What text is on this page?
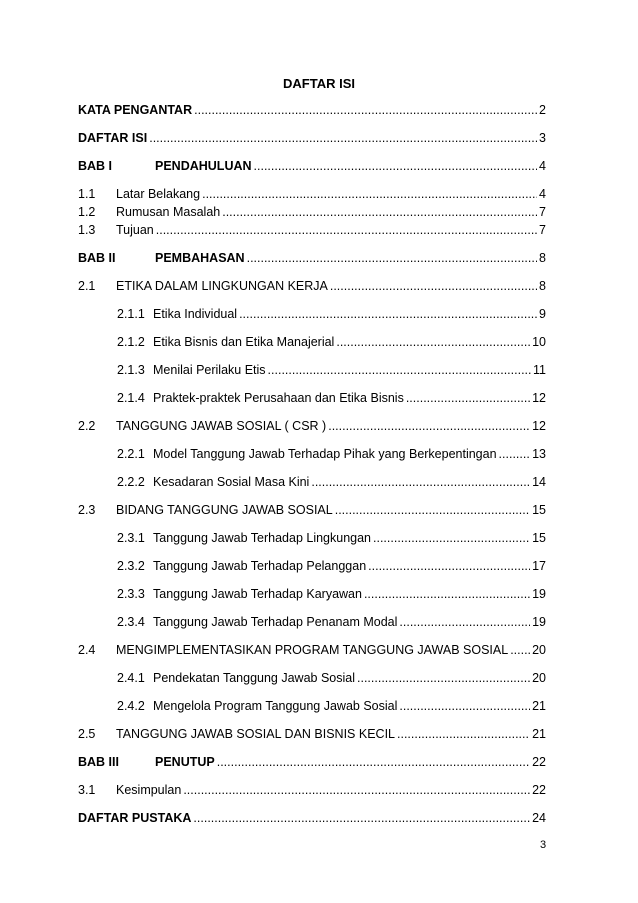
DAFTAR ISI
KATA PENGANTAR .....	2
DAFTAR ISI .....	3
BAB I	PENDAHULUAN .....	4
1.1	Latar Belakang .....	4
1.2	Rumusan Masalah .....	7
1.3	Tujuan .....	7
BAB II	PEMBAHASAN .....	8
2.1	ETIKA DALAM LINGKUNGAN KERJA .....	8
2.1.1 Etika Individual .....	9
2.1.2 Etika Bisnis dan Etika Manajerial .....	10
2.1.3 Menilai Perilaku Etis .....	11
2.1.4 Praktek-praktek Perusahaan dan Etika Bisnis .....	12
2.2	TANGGUNG JAWAB SOSIAL ( CSR ) .....	12
2.2.1 Model Tanggung Jawab Terhadap Pihak yang Berkepentingan .....	13
2.2.2 Kesadaran Sosial Masa Kini .....	14
2.3	BIDANG TANGGUNG JAWAB SOSIAL .....	15
2.3.1 Tanggung Jawab Terhadap Lingkungan .....	15
2.3.2 Tanggung Jawab Terhadap Pelanggan .....	17
2.3.3 Tanggung Jawab Terhadap Karyawan .....	19
2.3.4 Tanggung Jawab Terhadap Penanam Modal .....	19
2.4	MENGIMPLEMENTASIKAN PROGRAM TANGGUNG JAWAB SOSIAL ..... 20
2.4.1 Pendekatan Tanggung Jawab Sosial .....	20
2.4.2 Mengelola Program Tanggung Jawab Sosial .....	21
2.5	TANGGUNG JAWAB SOSIAL DAN BISNIS KECIL .....	21
BAB III	PENUTUP .....	22
3.1	Kesimpulan .....	22
DAFTAR PUSTAKA .....	24
3
